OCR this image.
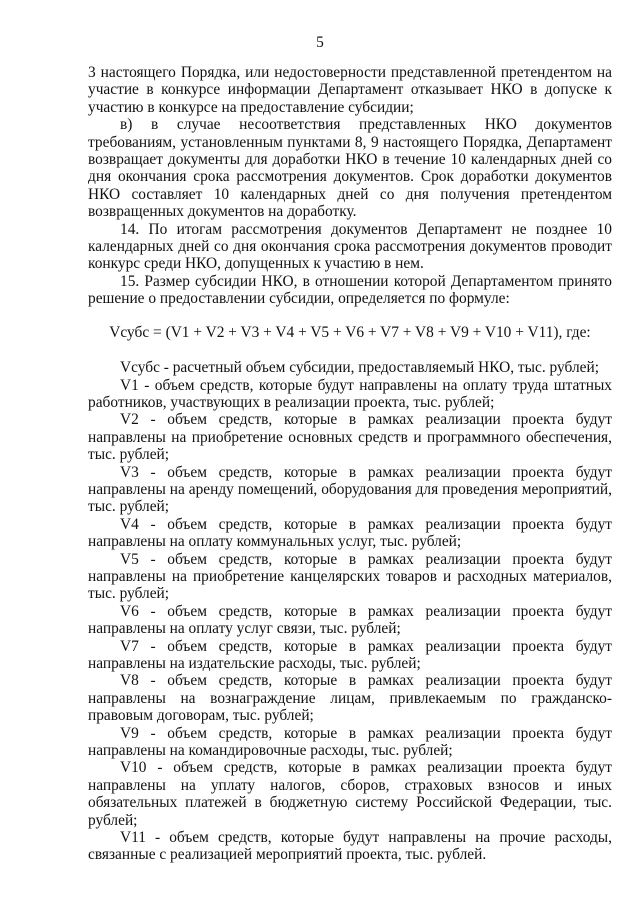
5

3 настоящего Порядка, или недостоверности представленной претендентом на участие в конкурсе информации Департамент отказывает НКО в допуске к участию в конкурсе на предоставление субсидии;

в) в случае несоответствия представленных НКО документов требованиям, установленным пунктами 8, 9 настоящего Порядка, Департамент возвращает документы для доработки НКО в течение 10 календарных дней со дня окончания срока рассмотрения документов. Срок доработки документов НКО составляет 10 календарных дней со дня получения претендентом возвращенных документов на доработку.

14. По итогам рассмотрения документов Департамент не позднее 10 календарных дней со дня окончания срока рассмотрения документов проводит конкурс среди НКО, допущенных к участию в нем.

15. Размер субсидии НКО, в отношении которой Департаментом принято решение о предоставлении субсидии, определяется по формуле:

Vсубс = (V1 + V2 + V3 + V4 + V5 + V6 + V7 + V8 + V9 + V10 + V11), где:

Vсубс - расчетный объем субсидии, предоставляемый НКО, тыс. рублей;

V1 - объем средств, которые будут направлены на оплату труда штатных работников, участвующих в реализации проекта, тыс. рублей;

V2 - объем средств, которые в рамках реализации проекта будут направлены на приобретение основных средств и программного обеспечения, тыс. рублей;

V3 - объем средств, которые в рамках реализации проекта будут направлены на аренду помещений, оборудования для проведения мероприятий, тыс. рублей;

V4 - объем средств, которые в рамках реализации проекта будут направлены на оплату коммунальных услуг, тыс. рублей;

V5 - объем средств, которые в рамках реализации проекта будут направлены на приобретение канцелярских товаров и расходных материалов, тыс. рублей;

V6 - объем средств, которые в рамках реализации проекта будут направлены на оплату услуг связи, тыс. рублей;

V7 - объем средств, которые в рамках реализации проекта будут направлены на издательские расходы, тыс. рублей;

V8 - объем средств, которые в рамках реализации проекта будут направлены на вознаграждение лицам, привлекаемым по гражданско-правовым договорам, тыс. рублей;

V9 - объем средств, которые в рамках реализации проекта будут направлены на командировочные расходы, тыс. рублей;

V10 - объем средств, которые в рамках реализации проекта будут направлены на уплату налогов, сборов, страховых взносов и иных обязательных платежей в бюджетную систему Российской Федерации, тыс. рублей;

V11 - объем средств, которые будут направлены на прочие расходы, связанные с реализацией мероприятий проекта, тыс. рублей.
